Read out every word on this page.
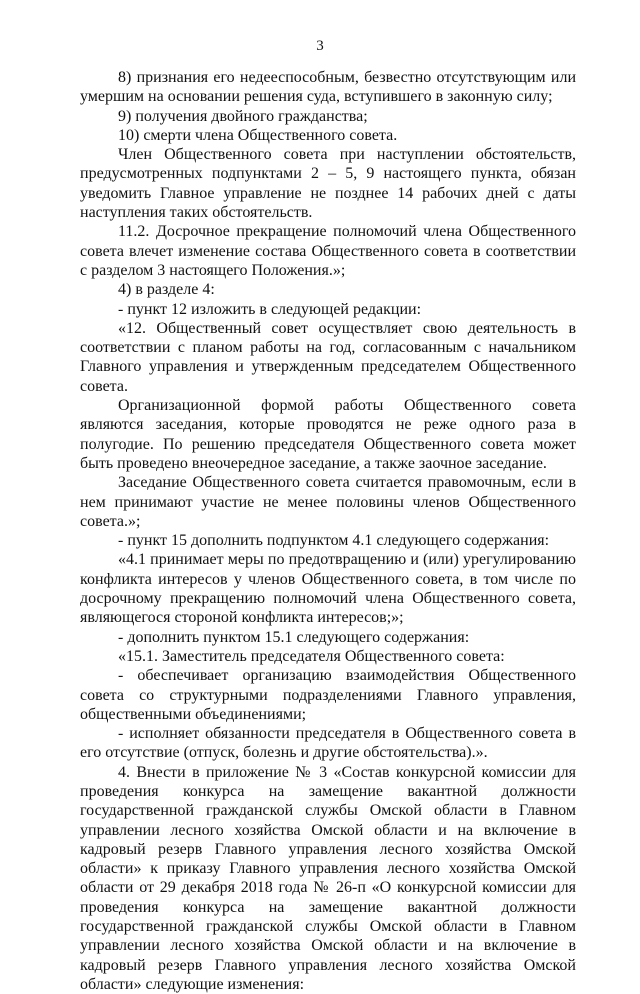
3

8) признания его недееспособным, безвестно отсутствующим или умершим на основании решения суда, вступившего в законную силу;

9) получения двойного гражданства;

10) смерти члена Общественного совета.

Член Общественного совета при наступлении обстоятельств, предусмотренных подпунктами 2 – 5, 9 настоящего пункта, обязан уведомить Главное управление не позднее 14 рабочих дней с даты наступления таких обстоятельств.

11.2. Досрочное прекращение полномочий члена Общественного совета влечет изменение состава Общественного совета в соответствии с разделом 3 настоящего Положения.»;

4) в разделе 4:

- пункт 12 изложить в следующей редакции:

«12. Общественный совет осуществляет свою деятельность в соответствии с планом работы на год, согласованным с начальником Главного управления и утвержденным председателем Общественного совета.

Организационной формой работы Общественного совета являются заседания, которые проводятся не реже одного раза в полугодие. По решению председателя Общественного совета может быть проведено внеочередное заседание, а также заочное заседание.

Заседание Общественного совета считается правомочным, если в нем принимают участие не менее половины членов Общественного совета.»;

- пункт 15 дополнить подпунктом 4.1 следующего содержания:

«4.1 принимает меры по предотвращению и (или) урегулированию конфликта интересов у членов Общественного совета, в том числе по досрочному прекращению полномочий члена Общественного совета, являющегося стороной конфликта интересов;»;

- дополнить пунктом 15.1 следующего содержания:

«15.1. Заместитель председателя Общественного совета:

- обеспечивает организацию взаимодействия Общественного совета со структурными подразделениями Главного управления, общественными объединениями;

- исполняет обязанности председателя в Общественного совета в его отсутствие (отпуск, болезнь и другие обстоятельства).».

4. Внести в приложение № 3 «Состав конкурсной комиссии для проведения конкурса на замещение вакантной должности государственной гражданской службы Омской области в Главном управлении лесного хозяйства Омской области и на включение в кадровый резерв Главного управления лесного хозяйства Омской области» к приказу Главного управления лесного хозяйства Омской области от 29 декабря 2018 года № 26-п «О конкурсной комиссии для проведения конкурса на замещение вакантной должности государственной гражданской службы Омской области в Главном управлении лесного хозяйства Омской области и на включение в кадровый резерв Главного управления лесного хозяйства Омской области» следующие изменения:
